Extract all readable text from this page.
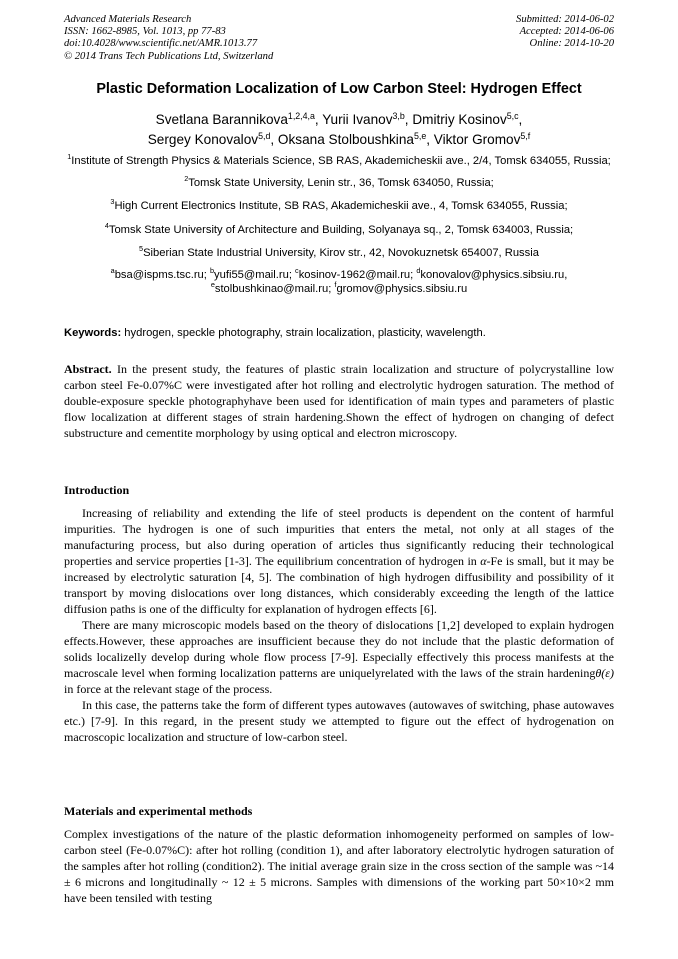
Advanced Materials Research
ISSN: 1662-8985, Vol. 1013, pp 77-83
doi:10.4028/www.scientific.net/AMR.1013.77
© 2014 Trans Tech Publications Ltd, Switzerland
Submitted: 2014-06-02
Accepted: 2014-06-06
Online: 2014-10-20
Plastic Deformation Localization of Low Carbon Steel: Hydrogen Effect
Svetlana Barannikova$^{1,2,4,a}$, Yurii Ivanov$^{3,b}$, Dmitriy Kosinov$^{5,c}$,
Sergey Konovalov$^{5,d}$, Oksana Stolboushkina$^{5,e}$, Viktor Gromov$^{5,f}$

$^1$Institute of Strength Physics & Materials Science, SB RAS, Akademicheskii ave., 2/4, Tomsk 634055, Russia;

$^2$Tomsk State University, Lenin str., 36, Tomsk 634050, Russia;

$^3$High Current Electronics Institute, SB RAS, Akademicheskii ave., 4, Tomsk 634055, Russia;

$^4$Tomsk State University of Architecture and Building, Solyanaya sq., 2, Tomsk 634003, Russia;

$^5$Siberian State Industrial University, Kirov str., 42, Novokuznetsk 654007, Russia

$^a$bsa@ispms.tsc.ru; $^b$yufi55@mail.ru; $^c$kosinov-1962@mail.ru; $^d$konovalov@physics.sibsiu.ru,
$^e$stolbushkinao@mail.ru; $^f$gromov@physics.sibsiu.ru
Keywords: hydrogen, speckle photography, strain localization, plasticity, wavelength.

Abstract. In the present study, the features of plastic strain localization and structure of polycrystalline low carbon steel Fe-0.07%C were investigated after hot rolling and electrolytic hydrogen saturation. The method of double-exposure speckle photographyhave been used for identification of main types and parameters of plastic flow localization at different stages of strain hardening.Shown the effect of hydrogen on changing of defect substructure and cementite morphology by using optical and electron microscopy.

Introduction

Increasing of reliability and extending the life of steel products is dependent on the content of harmful impurities. The hydrogen is one of such impurities that enters the metal, not only at all stages of the manufacturing process, but also during operation of articles thus significantly reducing their technological properties and service properties [1-3]. The equilibrium concentration of hydrogen in α-Fe is small, but it may be increased by electrolytic saturation [4, 5]. The combination of high hydrogen diffusibility and possibility of it transport by moving dislocations over long distances, which considerably exceeding the length of the lattice diffusion paths is one of the difficulty for explanation of hydrogen effects [6].

There are many microscopic models based on the theory of dislocations [1,2] developed to explain hydrogen effects.However, these approaches are insufficient because they do not include that the plastic deformation of solids localizelly develop during whole flow process [7-9]. Especially effectively this process manifests at the macroscale level when forming localization patterns are uniquelyrelated with the laws of the strain hardeningθ(ε) in force at the relevant stage of the process.

In this case, the patterns take the form of different types autowaves (autowaves of switching, phase autowaves etc.) [7-9]. In this regard, in the present study we attempted to figure out the effect of hydrogenation on macroscopic localization and structure of low-carbon steel.

Materials and experimental methods

Complex investigations of the nature of the plastic deformation inhomogeneity performed on samples of low-carbon steel (Fe-0.07%C): after hot rolling (condition 1), and after laboratory electrolytic hydrogen saturation of the samples after hot rolling (condition2). The initial average grain size in the cross section of the sample was ~14 ± 6 microns and longitudinally ~ 12 ± 5 microns. Samples with dimensions of the working part 50×10×2 mm have been tensiled with testing
